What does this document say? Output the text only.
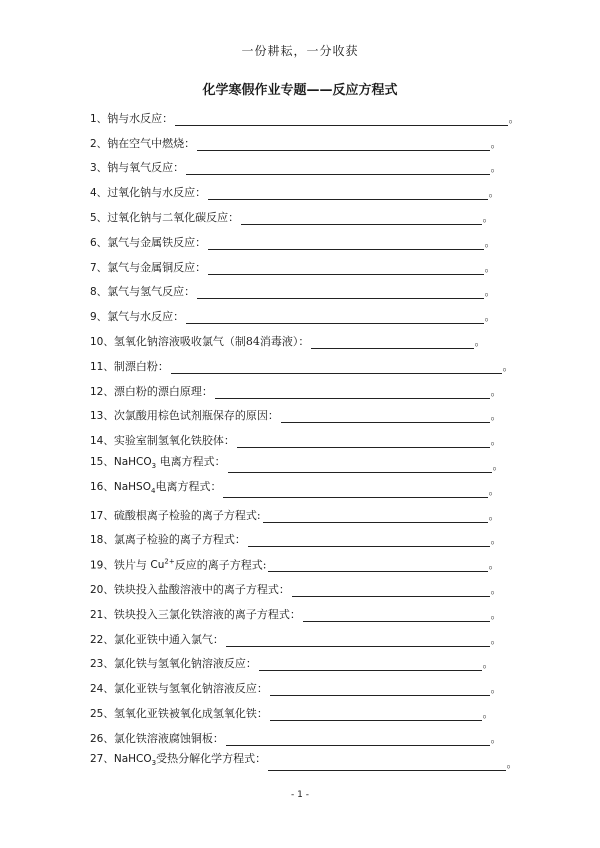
一份耕耘，一分收获
化学寒假作业专题——反应方程式
1、钠与水反应：	。
2、钠在空气中燃烧：	。
3、钠与氧气反应：	。
4、过氧化钠与水反应：	。
5、过氧化钠与二氧化碳反应：	。
6、氯气与金属铁反应：	。
7、氯气与金属铜反应：	。
8、氯气与氢气反应：	。
9、氯气与水反应：	。
10、氢氧化钠溶液吸收氯气（制84消毒液）：	。
11、制漂白粉：	。
12、漂白粉的漂白原理：	。
13、次氯酸用棕色试剂瓶保存的原因：	。
14、实验室制氢氧化铁胶体：	。
15、NaHCO$_3$ 电离方程式：	。
16、NaHSO$_4$电离方程式：	。
17、硫酸根离子检验的离子方程式:	。
18、氯离子检验的离子方程式：	。
19、铁片与 $Cu^{2+}$反应的离子方程式:	。
20、铁块投入盐酸溶液中的离子方程式：	。
21、铁块投入三氯化铁溶液的离子方程式：	。
22、氯化亚铁中通入氯气：	。
23、氯化铁与氢氧化钠溶液反应：	。
24、氯化亚铁与氢氧化钠溶液反应：	。
25、氢氧化亚铁被氧化成氢氧化铁：	。
26、氯化铁溶液腐蚀铜板：	。
27、NaHCO$_3$受热分解化学方程式：	。
- 1 -
